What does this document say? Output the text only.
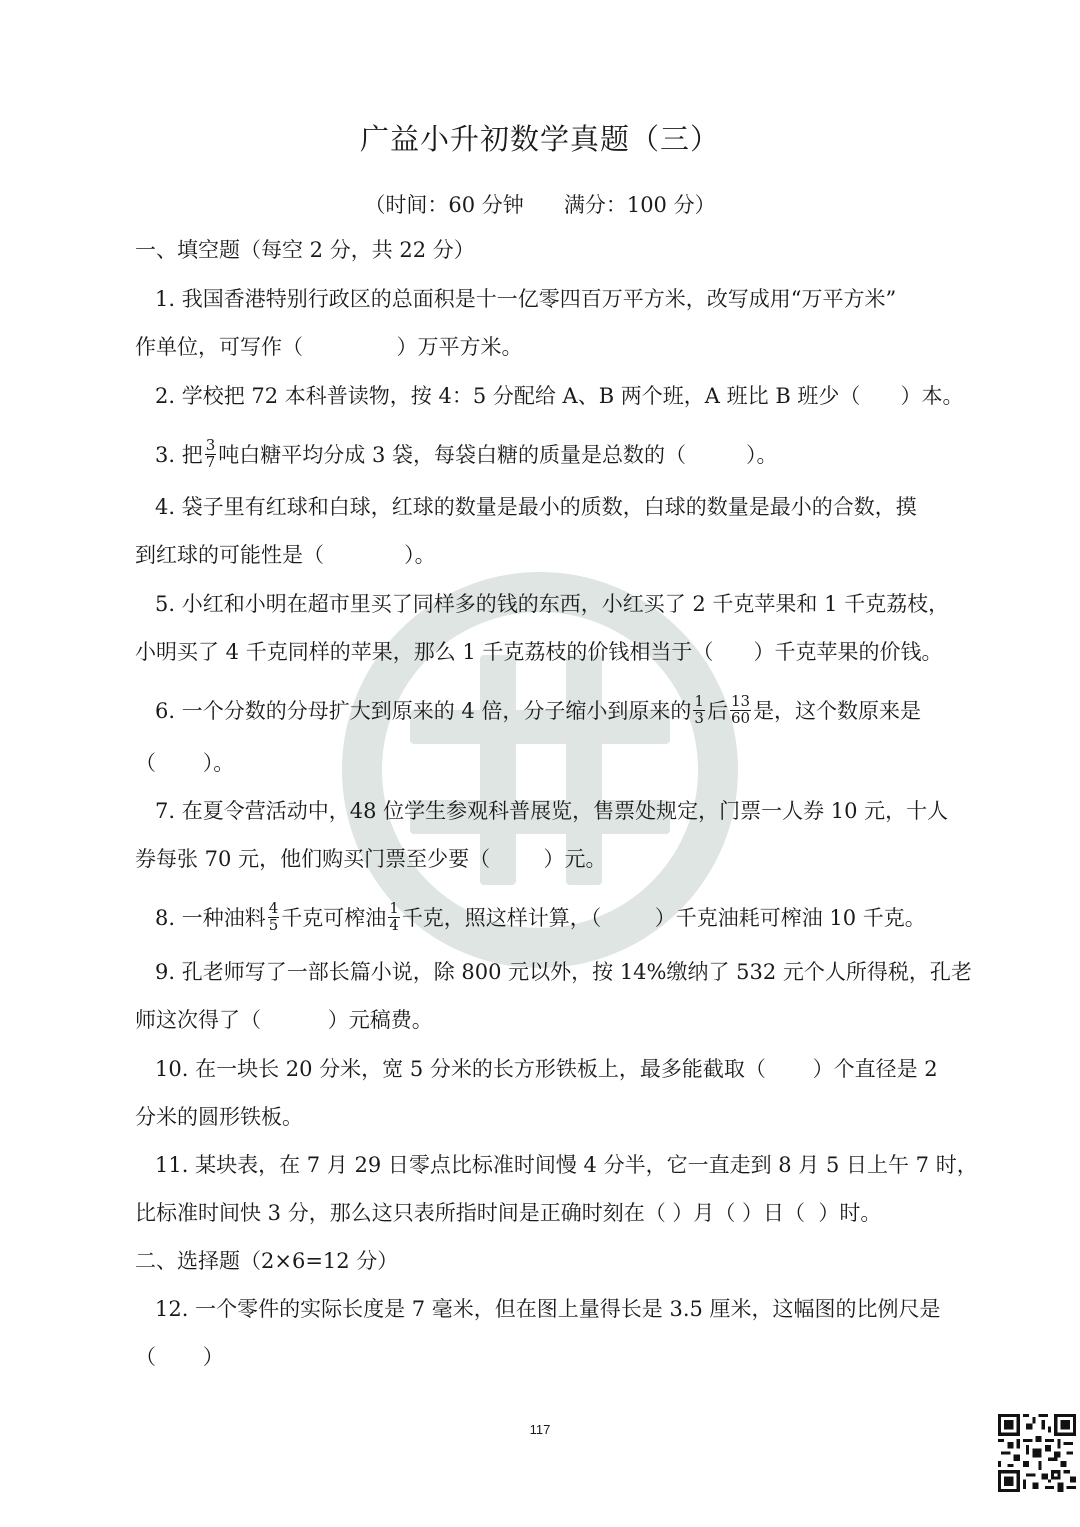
广益小升初数学真题（三）
（时间：60 分钟      满分：100 分）
一、填空题（每空 2 分，共 22 分）
1. 我国香港特别行政区的总面积是十一亿零四百万平方米，改写成用“万平方米”
作单位，可写作（              ）万平方米。
2. 学校把 72 本科普读物，按 4：5 分配给 A、B 两个班，A 班比 B 班少（      ）本。
3. 把 $\frac{3}{7}$ 吨白糖平均分成 3 袋，每袋白糖的质量是总数的（         ）。
4. 袋子里有红球和白球，红球的数量是最小的质数，白球的数量是最小的合数，摸
到红球的可能性是（            ）。
5. 小红和小明在超市里买了同样多的钱的东西，小红买了 2 千克苹果和 1 千克荔枝，
小明买了 4 千克同样的苹果，那么 1 千克荔枝的价钱相当于（      ）千克苹果的价钱。
6. 一个分数的分母扩大到原来的 4 倍，分子缩小到原来的 $\frac{1}{3}$ 后 $\frac{13}{60}$ 是，这个数原来是
（       ）。
7. 在夏令营活动中，48 位学生参观科普展览，售票处规定，门票一人券 10 元，十人
券每张 70 元，他们购买门票至少要（        ）元。
8. 一种油料 $\frac{4}{5}$ 千克可榨油 $\frac{1}{4}$ 千克，照这样计算，（        ）千克油耗可榨油 10 千克。
9. 孔老师写了一部长篇小说，除 800 元以外，按 14%缴纳了 532 元个人所得税，孔老
师这次得了（          ）元稿费。
10. 在一块长 20 分米，宽 5 分米的长方形铁板上，最多能截取（       ）个直径是 2
分米的圆形铁板。
11. 某块表，在 7 月 29 日零点比标准时间慢 4 分半，它一直走到 8 月 5 日上午 7 时，
比标准时间快 3 分，那么这只表所指时间是正确时刻在（ ）月（ ）日（  ）时。
二、选择题（2×6=12 分）
12. 一个零件的实际长度是 7 毫米，但在图上量得长是 3.5 厘米，这幅图的比例尺是
（       ）
117
